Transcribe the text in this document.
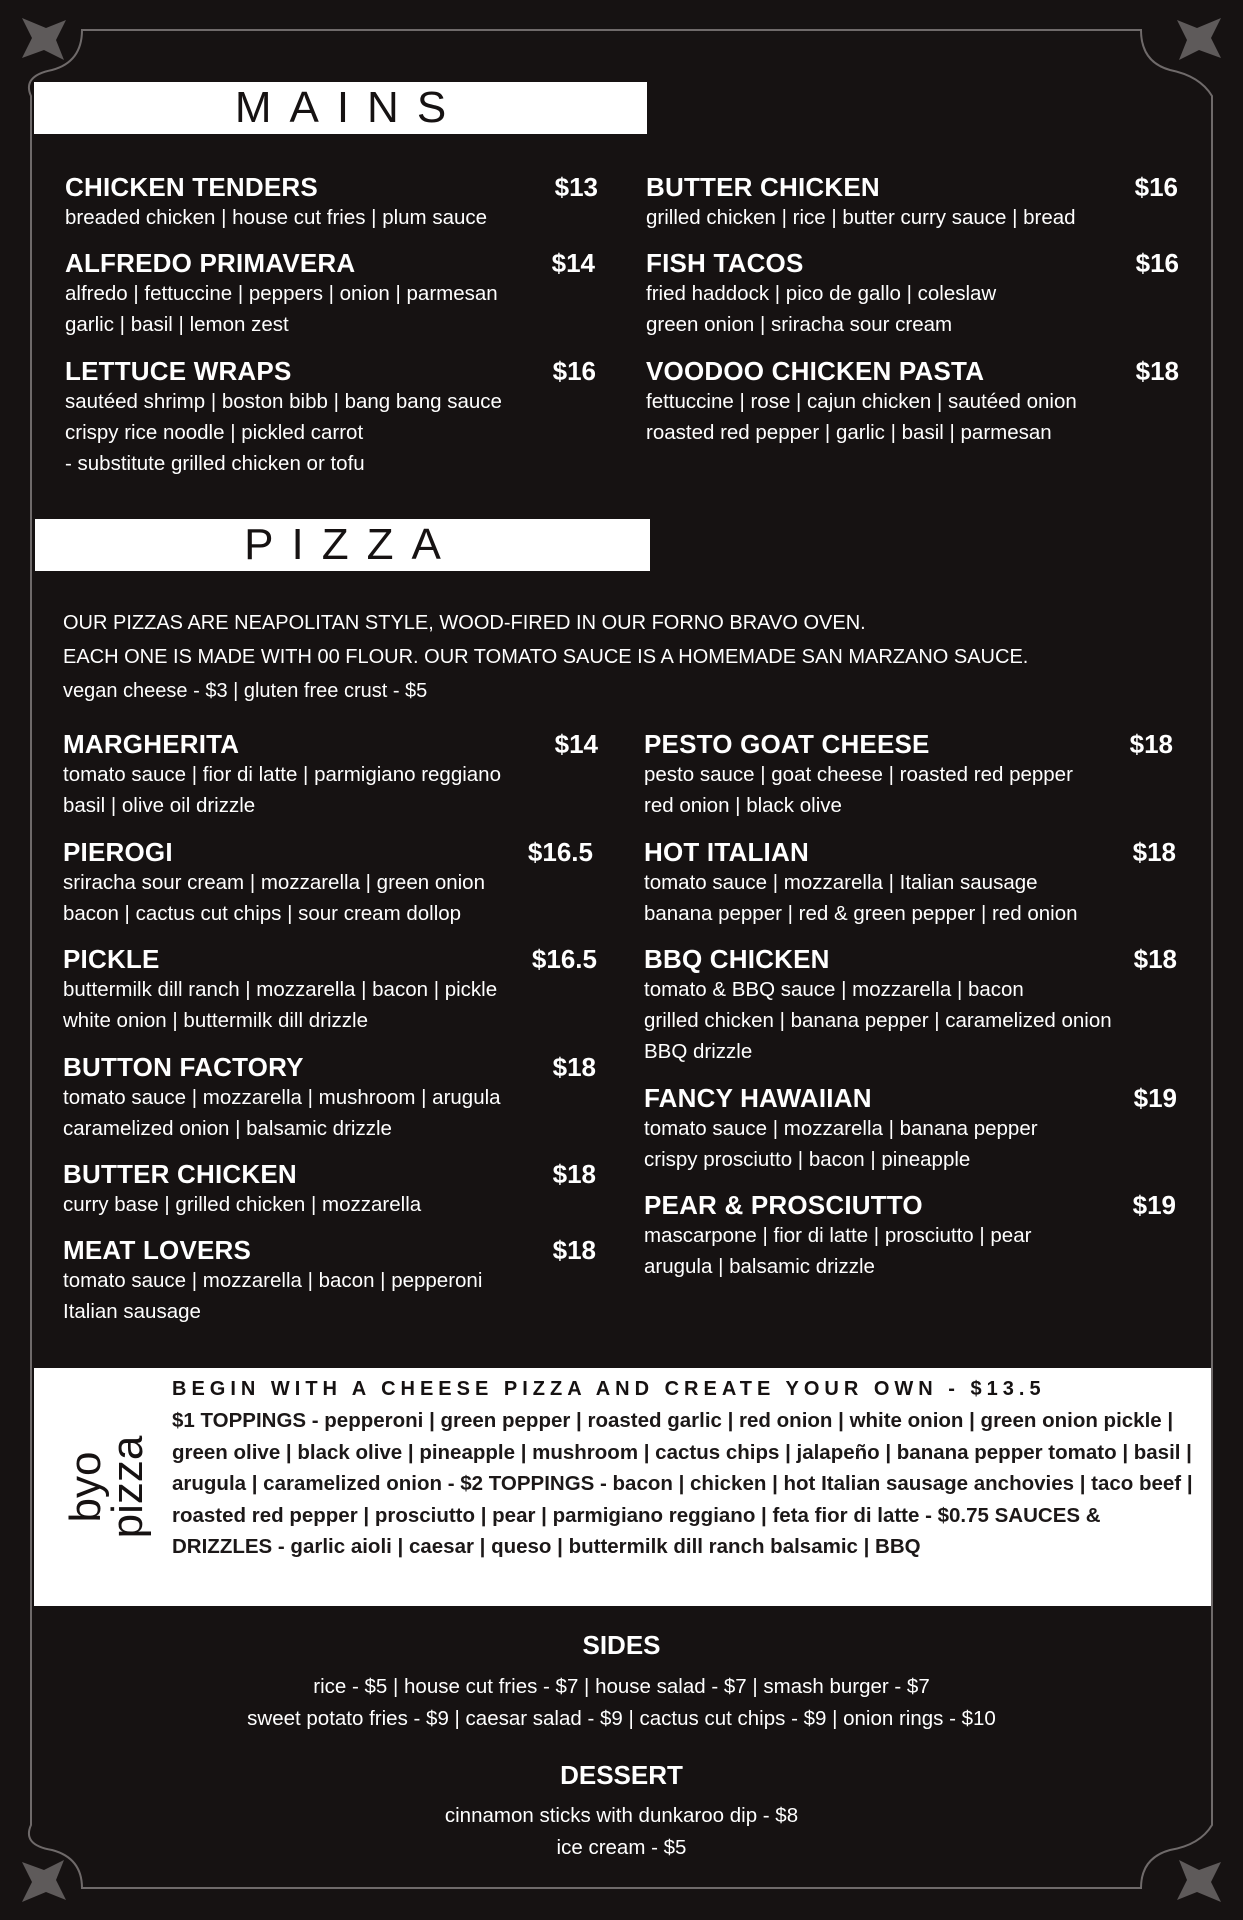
MAINS
CHICKEN TENDERS	$13
breaded chicken | house cut fries | plum sauce
ALFREDO PRIMAVERA	$14
alfredo | fettuccine | peppers | onion | parmesan
garlic | basil | lemon zest
LETTUCE WRAPS	$16
sautéed shrimp | boston bibb | bang bang sauce
crispy rice noodle | pickled carrot
- substitute grilled chicken or tofu
BUTTER CHICKEN	$16
grilled chicken | rice | butter curry sauce | bread
FISH TACOS	$16
fried haddock | pico de gallo | coleslaw
green onion | sriracha sour cream
VOODOO CHICKEN PASTA	$18
fettuccine | rose | cajun chicken | sautéed onion
roasted red pepper | garlic | basil | parmesan
PIZZA
OUR PIZZAS ARE NEAPOLITAN STYLE, WOOD-FIRED IN OUR FORNO BRAVO OVEN.
EACH ONE IS MADE WITH 00 FLOUR. OUR TOMATO SAUCE IS A HOMEMADE SAN MARZANO SAUCE.
vegan cheese - $3 | gluten free crust - $5
MARGHERITA	$14
tomato sauce | fior di latte | parmigiano reggiano
basil | olive oil drizzle
PIEROGI	$16.5
sriracha sour cream | mozzarella | green onion
bacon | cactus cut chips | sour cream dollop
PICKLE	$16.5
buttermilk dill ranch | mozzarella | bacon | pickle
white onion | buttermilk dill drizzle
BUTTON FACTORY	$18
tomato sauce | mozzarella | mushroom | arugula
caramelized onion | balsamic drizzle
BUTTER CHICKEN	$18
curry base | grilled chicken | mozzarella
MEAT LOVERS	$18
tomato sauce | mozzarella | bacon | pepperoni
Italian sausage
PESTO GOAT CHEESE	$18
pesto sauce | goat cheese | roasted red pepper
red onion | black olive
HOT ITALIAN	$18
tomato sauce | mozzarella | Italian sausage
banana pepper | red & green pepper | red onion
BBQ CHICKEN	$18
tomato & BBQ sauce | mozzarella | bacon
grilled chicken | banana pepper | caramelized onion
BBQ drizzle
FANCY HAWAIIAN	$19
tomato sauce | mozzarella | banana pepper
crispy prosciutto | bacon | pineapple
PEAR & PROSCIUTTO	$19
mascarpone | fior di latte | prosciutto | pear
arugula | balsamic drizzle
byo
pizza
BEGIN WITH A CHEESE PIZZA AND CREATE YOUR OWN - $13.5
$1 TOPPINGS - pepperoni | green pepper | roasted garlic | red onion | white onion | green onion pickle | green olive | black olive | pineapple | mushroom | cactus chips | jalapeño | banana pepper tomato | basil | arugula | caramelized onion - $2 TOPPINGS - bacon | chicken | hot Italian sausage anchovies | taco beef | roasted red pepper | prosciutto | pear | parmigiano reggiano | feta fior di latte - $0.75 SAUCES & DRIZZLES - garlic aioli | caesar | queso | buttermilk dill ranch balsamic | BBQ
SIDES
rice - $5 | house cut fries - $7 | house salad - $7 | smash burger - $7
sweet potato fries - $9 | caesar salad - $9 | cactus cut chips - $9 | onion rings - $10
DESSERT
cinnamon sticks with dunkaroo dip - $8
ice cream - $5
